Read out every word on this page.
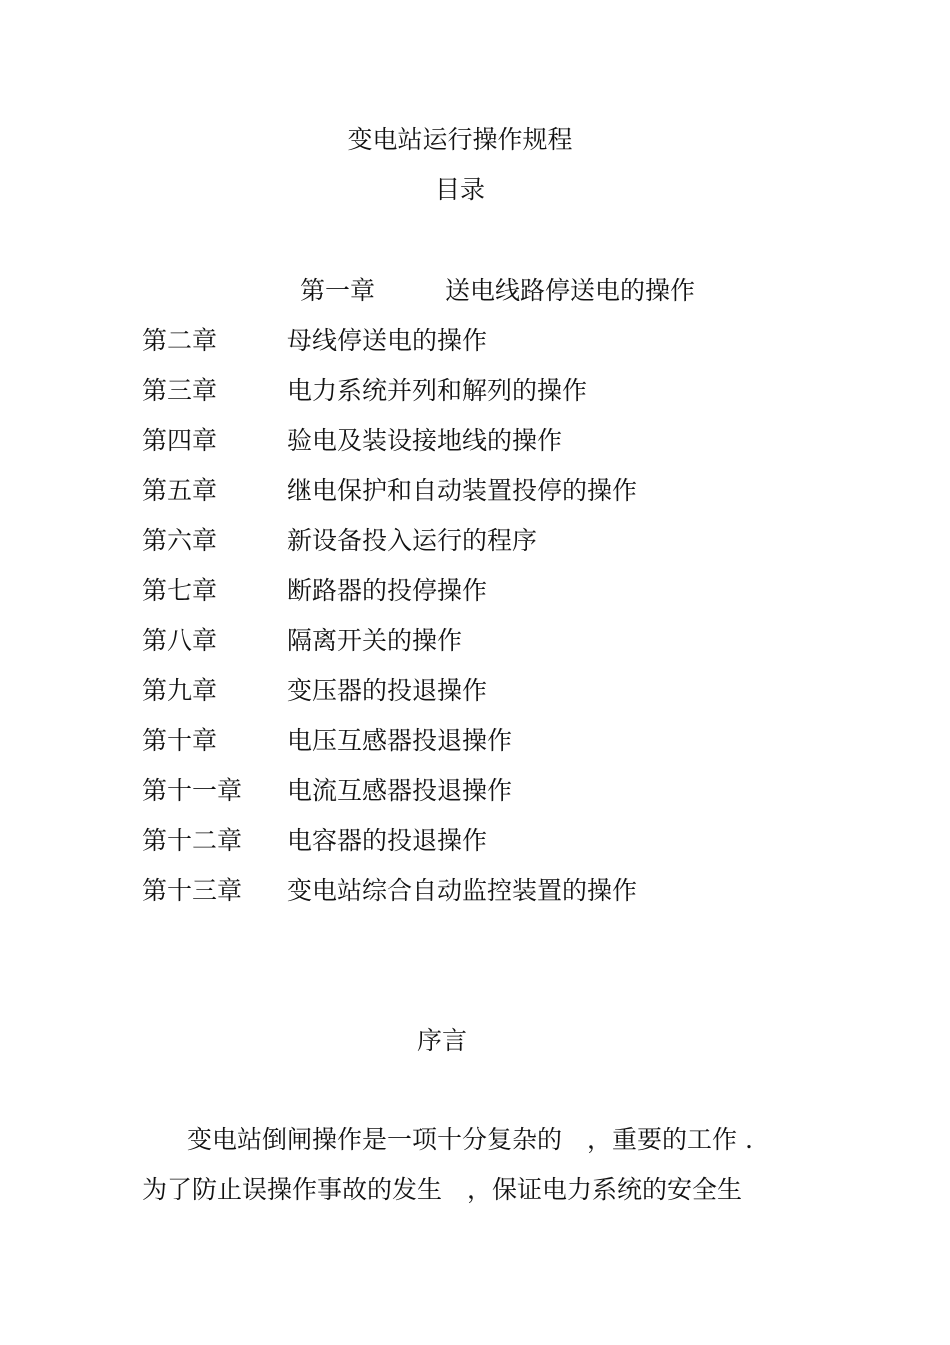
变电站运行操作规程
目录
第一章	送电线路停送电的操作
第二章	母线停送电的操作
第三章	电力系统并列和解列的操作
第四章	验电及装设接地线的操作
第五章	继电保护和自动装置投停的操作
第六章	新设备投入运行的程序
第七章	断路器的投停操作
第八章	隔离开关的操作
第九章	变压器的投退操作
第十章	电压互感器投退操作
第十一章 电流互感器投退操作
第十二章 电容器的投退操作
第十三章 变电站综合自动监控装置的操作
序言
变电站倒闸操作是一项十分复杂的　，重要的工作 .
为了防止误操作事故的发生　，保证电力系统的安全生
